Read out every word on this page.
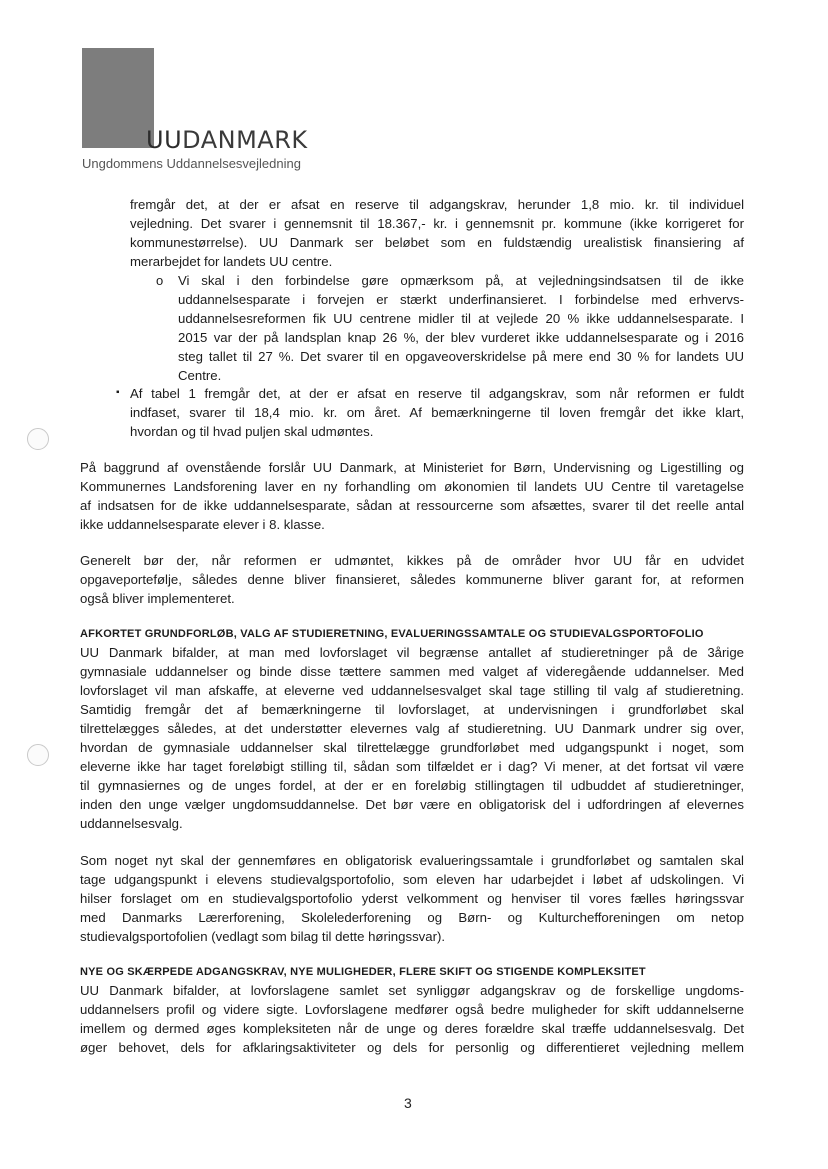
UUDANMARK
Ungdommens Uddannelsesvejledning
fremgår det, at der er afsat en reserve til adgangskrav, herunder 1,8 mio. kr. til individuel
vejledning. Det svarer i gennemsnit til 18.367,- kr. i gennemsnit pr. kommune (ikke korrigeret for
kommunestørrelse). UU Danmark ser beløbet som en fuldstændig urealistisk finansiering af
merarbejdet for landets UU centre.
o Vi skal i den forbindelse gøre opmærksom på, at vejledningsindsatsen til de ikke
uddannelsesparate i forvejen er stærkt underfinansieret. I forbindelse med erhvervs-
uddannelsesreformen fik UU centrene midler til at vejlede 20 % ikke uddannelsesparate. I
2015 var der på landsplan knap 26 %, der blev vurderet ikke uddannelsesparate og i 2016
steg tallet til 27 %. Det svarer til en opgaveoverskridelse på mere end 30 % for landets UU
Centre.
▪ Af tabel 1 fremgår det, at der er afsat en reserve til adgangskrav, som når reformen er fuldt
indfaset, svarer til 18,4 mio. kr. om året. Af bemærkningerne til loven fremgår det ikke klart,
hvordan og til hvad puljen skal udmøntes.
På baggrund af ovenstående forslår UU Danmark, at Ministeriet for Børn, Undervisning og Ligestilling og
Kommunernes Landsforening laver en ny forhandling om økonomien til landets UU Centre til varetagelse
af indsatsen for de ikke uddannelsesparate, sådan at ressourcerne som afsættes, svarer til det reelle antal
ikke uddannelsesparate elever i 8. klasse.
Generelt bør der, når reformen er udmøntet, kikkes på de områder hvor UU får en udvidet
opgaveportefølje, således denne bliver finansieret, således kommunerne bliver garant for, at reformen
også bliver implementeret.
AFKORTET GRUNDFORLØB, VALG AF STUDIERETNING, EVALUERINGSSAMTALE OG STUDIEVALGSPORTOFOLIO
UU Danmark bifalder, at man med lovforslaget vil begrænse antallet af studieretninger på de 3årige
gymnasiale uddannelser og binde disse tættere sammen med valget af videregående uddannelser. Med
lovforslaget vil man afskaffe, at eleverne ved uddannelsesvalget skal tage stilling til valg af studieretning.
Samtidig fremgår det af bemærkningerne til lovforslaget, at undervisningen i grundforløbet skal
tilrettelægges således, at det understøtter elevernes valg af studieretning. UU Danmark undrer sig over,
hvordan de gymnasiale uddannelser skal tilrettelægge grundforløbet med udgangspunkt i noget, som
eleverne ikke har taget foreløbigt stilling til, sådan som tilfældet er i dag? Vi mener, at det fortsat vil være
til gymnasiernes og de unges fordel, at der er en foreløbig stillingtagen til udbuddet af studieretninger,
inden den unge vælger ungdomsuddannelse. Det bør være en obligatorisk del i udfordringen af elevernes
uddannelsesvalg.
Som noget nyt skal der gennemføres en obligatorisk evalueringssamtale i grundforløbet og samtalen skal
tage udgangspunkt i elevens studievalgsportofolio, som eleven har udarbejdet i løbet af udskolingen. Vi
hilser forslaget om en studievalgsportofolio yderst velkomment og henviser til vores fælles høringssvar
med Danmarks Lærerforening, Skolelederforening og Børn- og Kulturchefforeningen om netop
studievalgsportofolien (vedlagt som bilag til dette høringssvar).
NYE OG SKÆRPEDE ADGANGSKRAV, NYE MULIGHEDER, FLERE SKIFT OG STIGENDE KOMPLEKSITET
UU Danmark bifalder, at lovforslagene samlet set synliggør adgangskrav og de forskellige ungdoms-
uddannelsers profil og videre sigte. Lovforslagene medfører også bedre muligheder for skift uddannelserne
imellem og dermed øges kompleksiteten når de unge og deres forældre skal træffe uddannelsesvalg. Det
øger behovet, dels for afklaringsaktiviteter og dels for personlig og differentieret vejledning mellem
3
